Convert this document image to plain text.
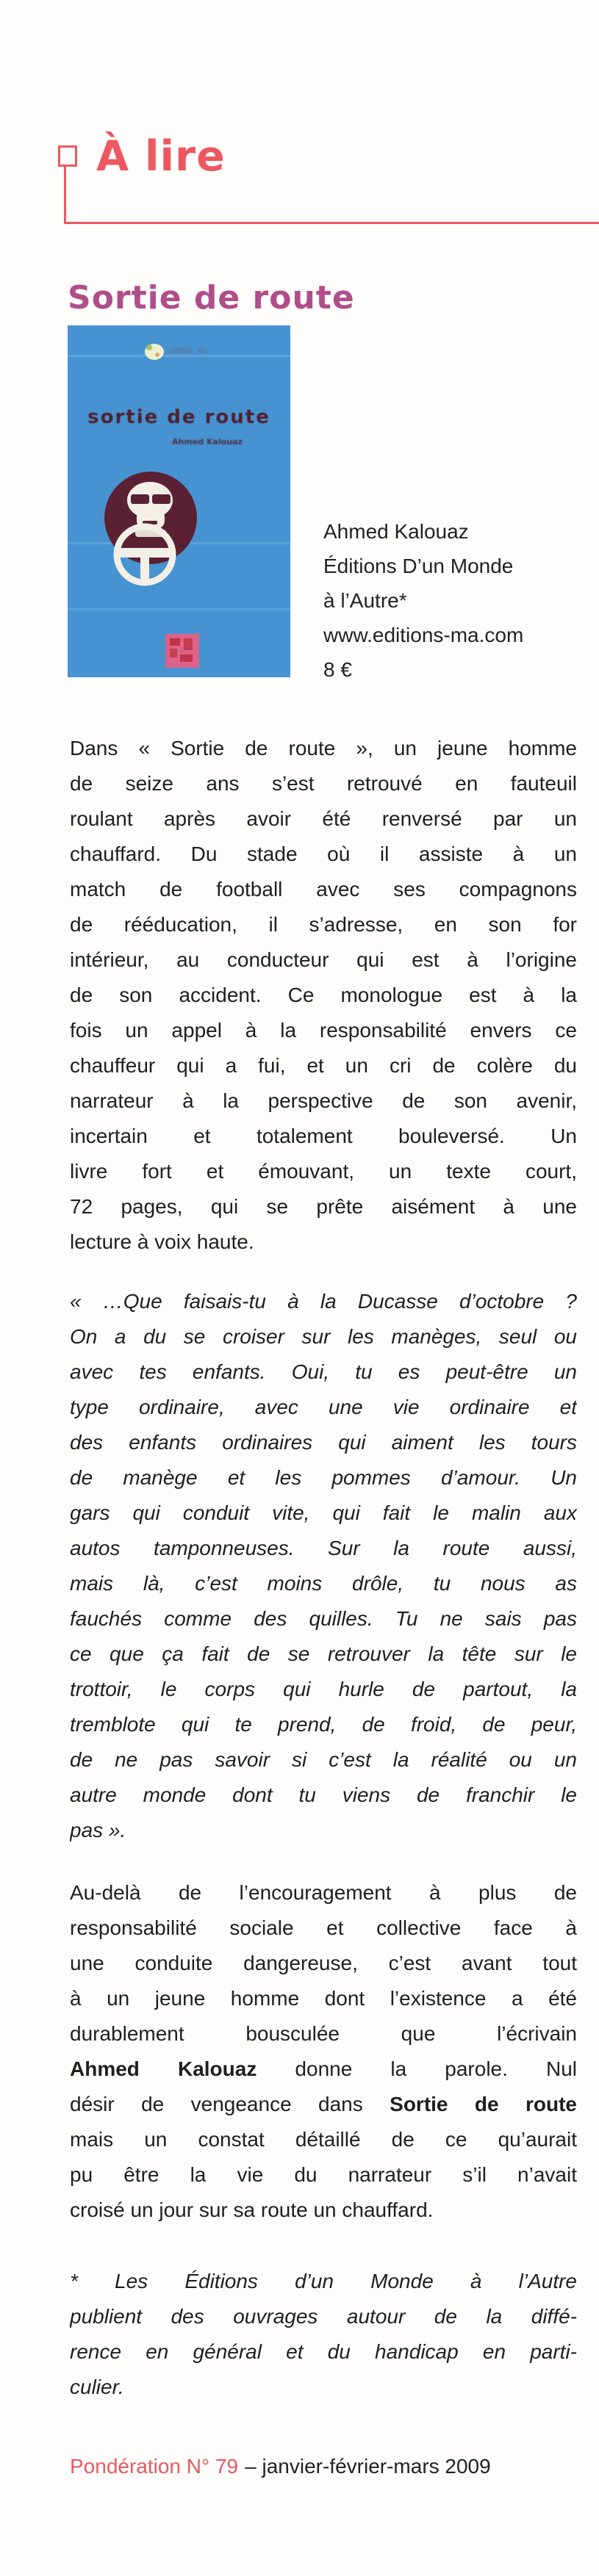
À lire
Sortie de route
sortie de route
Ahmed Kalouaz
Ahmed Kalouaz
Éditions D’un Monde
à l’Autre*
www.editions-ma.com
8 €
Dans « Sortie de route », un jeune homme
de seize ans s’est retrouvé en fauteuil
roulant après avoir été renversé par un
chauffard. Du stade où il assiste à un
match de football avec ses compagnons
de rééducation, il s’adresse, en son for
intérieur, au conducteur qui est à l’origine
de son accident. Ce monologue est à la
fois un appel à la responsabilité envers ce
chauffeur qui a fui, et un cri de colère du
narrateur à la perspective de son avenir,
incertain et totalement bouleversé. Un
livre fort et émouvant, un texte court,
72 pages, qui se prête aisément à une
lecture à voix haute.
« …Que faisais-tu à la Ducasse d’octobre ?
On a du se croiser sur les manèges, seul ou
avec tes enfants. Oui, tu es peut-être un
type ordinaire, avec une vie ordinaire et
des enfants ordinaires qui aiment les tours
de manège et les pommes d’amour. Un
gars qui conduit vite, qui fait le malin aux
autos tamponneuses. Sur la route aussi,
mais là, c’est moins drôle, tu nous as
fauchés comme des quilles. Tu ne sais pas
ce que ça fait de se retrouver la tête sur le
trottoir, le corps qui hurle de partout, la
tremblote qui te prend, de froid, de peur,
de ne pas savoir si c’est la réalité ou un
autre monde dont tu viens de franchir le
pas ».
Au-delà de l’encouragement à plus de
responsabilité sociale et collective face à
une conduite dangereuse, c’est avant tout
à un jeune homme dont l’existence a été
durablement bousculée que l’écrivain
Ahmed Kalouaz donne la parole. Nul
désir de vengeance dans Sortie de route
mais un constat détaillé de ce qu’aurait
pu être la vie du narrateur s’il n’avait
croisé un jour sur sa route un chauffard.
* Les Éditions d’un Monde à l’Autre
publient des ouvrages autour de la diffé-
rence en général et du handicap en parti-
culier.
Pondération N° 79 – janvier-février-mars 2009
